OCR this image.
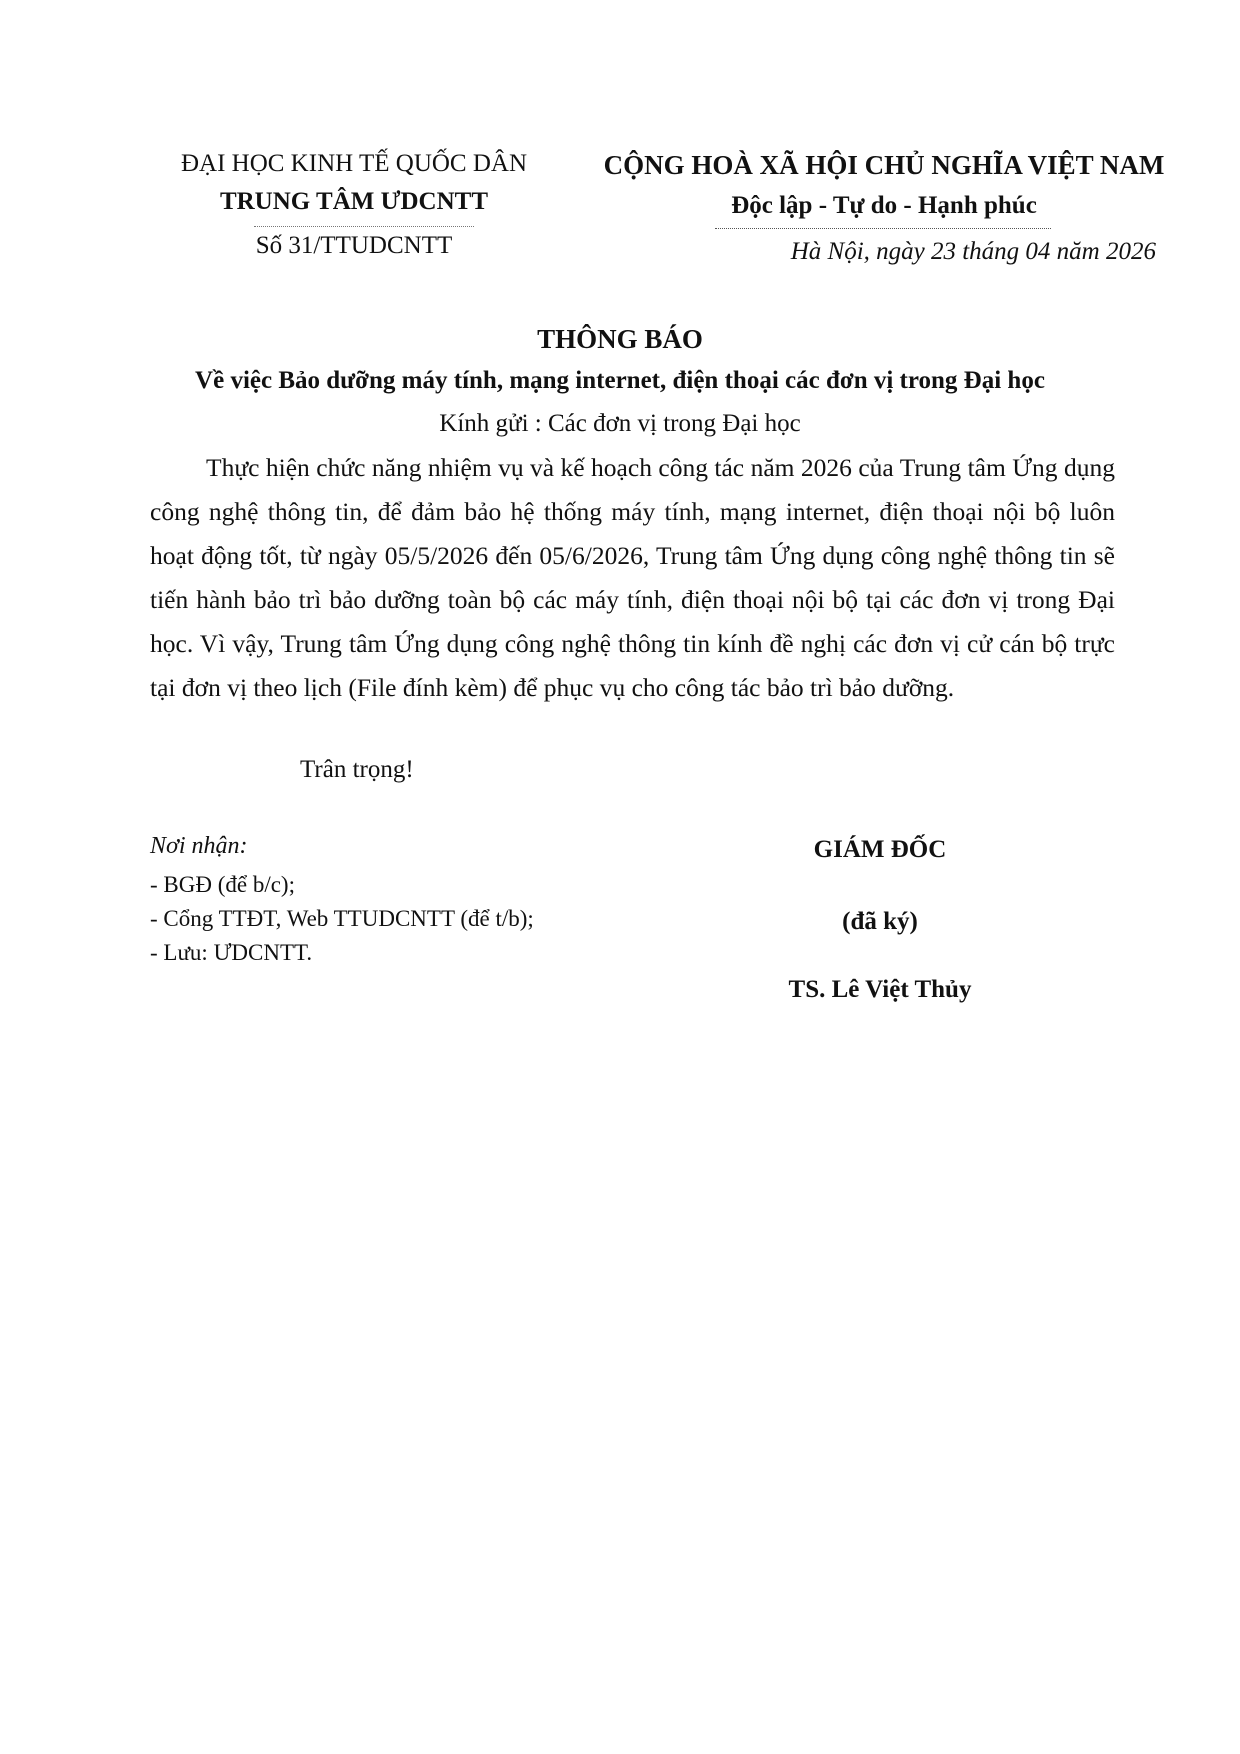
ĐẠI HỌC KINH TẾ QUỐC DÂN
TRUNG TÂM ƯDCNTT
Số 31/TTUDCNTT
CỘNG HOÀ XÃ HỘI CHỦ NGHĨA VIỆT NAM
Độc lập - Tự do - Hạnh phúc
Hà Nội, ngày 23 tháng 04 năm 2026
THÔNG BÁO
Về việc Bảo dưỡng máy tính, mạng internet, điện thoại các đơn vị trong Đại học
Kính gửi : Các đơn vị trong Đại học

Thực hiện chức năng nhiệm vụ và kế hoạch công tác năm 2026 của Trung tâm Ứng dụng công nghệ thông tin, để đảm bảo hệ thống máy tính, mạng internet, điện thoại nội bộ luôn hoạt động tốt, từ ngày 05/5/2026 đến 05/6/2026, Trung tâm Ứng dụng công nghệ thông tin sẽ tiến hành bảo trì bảo dưỡng toàn bộ các máy tính, điện thoại nội bộ tại các đơn vị trong Đại học. Vì vậy, Trung tâm Ứng dụng công nghệ thông tin kính đề nghị các đơn vị cử cán bộ trực tại đơn vị theo lịch (File đính kèm) để phục vụ cho công tác bảo trì bảo dưỡng.

Trân trọng!
Nơi nhận:
- BGĐ (để b/c);
- Cổng TTĐT, Web TTUDCNTT (để t/b);
- Lưu: ƯDCNTT.
GIÁM ĐỐC
(đã ký)
TS. Lê Việt Thủy
